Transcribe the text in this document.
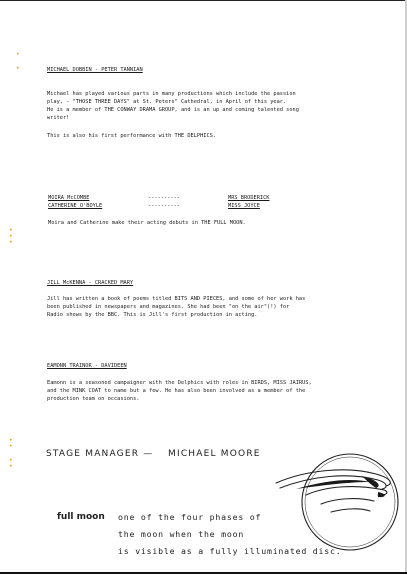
•
•
•
•
•
•
•
•
•
MICHAEL DOBBIN - PETER TANNIAN
Michael has played various parts in many productions which include the passion
play, - "THOSE THREE DAYS" at St. Peters" Cathedral, in April of this year.
He is a member of THE CONWAY DRAMA GROUP, and is an up and coming talented song
writer!
This is also his first performance with THE DELPHICS.
MOIRA McCOMBE	----------	MRS BRODERICK
CATHERINE O'BOYLE	----------	MISS JOYCE
Moira and Catherine make their acting debuts in THE FULL MOON.
JILL McKENNA - CRACKED MARY
Jill has written a book of poems titled BITS AND PIECES, and some of her work has
been published in newspapers and magazines. She had been "on the air"(!) for
Radio shows by the BBC. This is Jill's first production in acting.
EAMONN TRAINOR - DAVIDEEN
Eamonn is a seasoned campaigner with the Delphics with roles in BIRDS, MISS JAIRUS,
and the MINK COAT to name but a few. He has also been involved as a member of the
production team on occasions.
STAGE MANAGER — MICHAEL MOORE
full moon one of the four phases of
the moon when the moon
is visible as a fully illuminated disc.
